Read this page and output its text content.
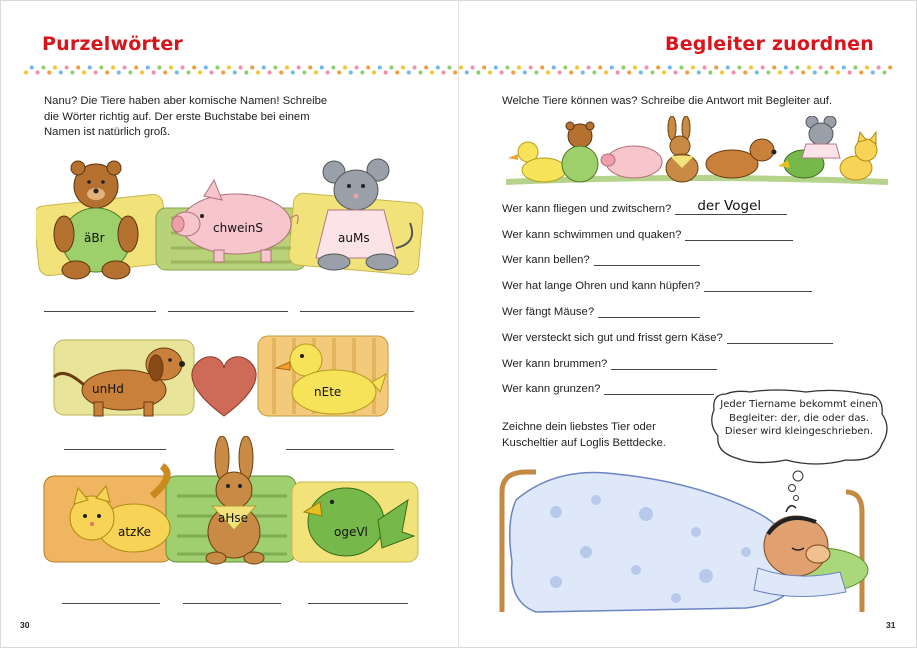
Purzelwörter	Begleiter zuordnen
Nanu? Die Tiere haben aber komische Namen! Schreibe die Wörter richtig auf. Der erste Buchstabe bei einem Namen ist natürlich groß.
äBr
chweinS
auMs
unHd	nEte
atzKe
aHse
ogeVl
30	31
Welche Tiere können was? Schreibe die Antwort mit Begleiter auf.
Wer kann fliegen und zwitschern? der Vogel
Wer kann schwimmen und quaken?
Wer kann bellen?
Wer hat lange Ohren und kann hüpfen?
Wer fängt Mäuse?
Wer versteckt sich gut und frisst gern Käse?
Wer kann brummen?
Wer kann grunzen?
Zeichne dein liebstes Tier oder Kuscheltier auf Loglis Bettdecke.
Jeder Tiername bekommt einen Begleiter: der, die oder das. Dieser wird kleingeschrieben.
